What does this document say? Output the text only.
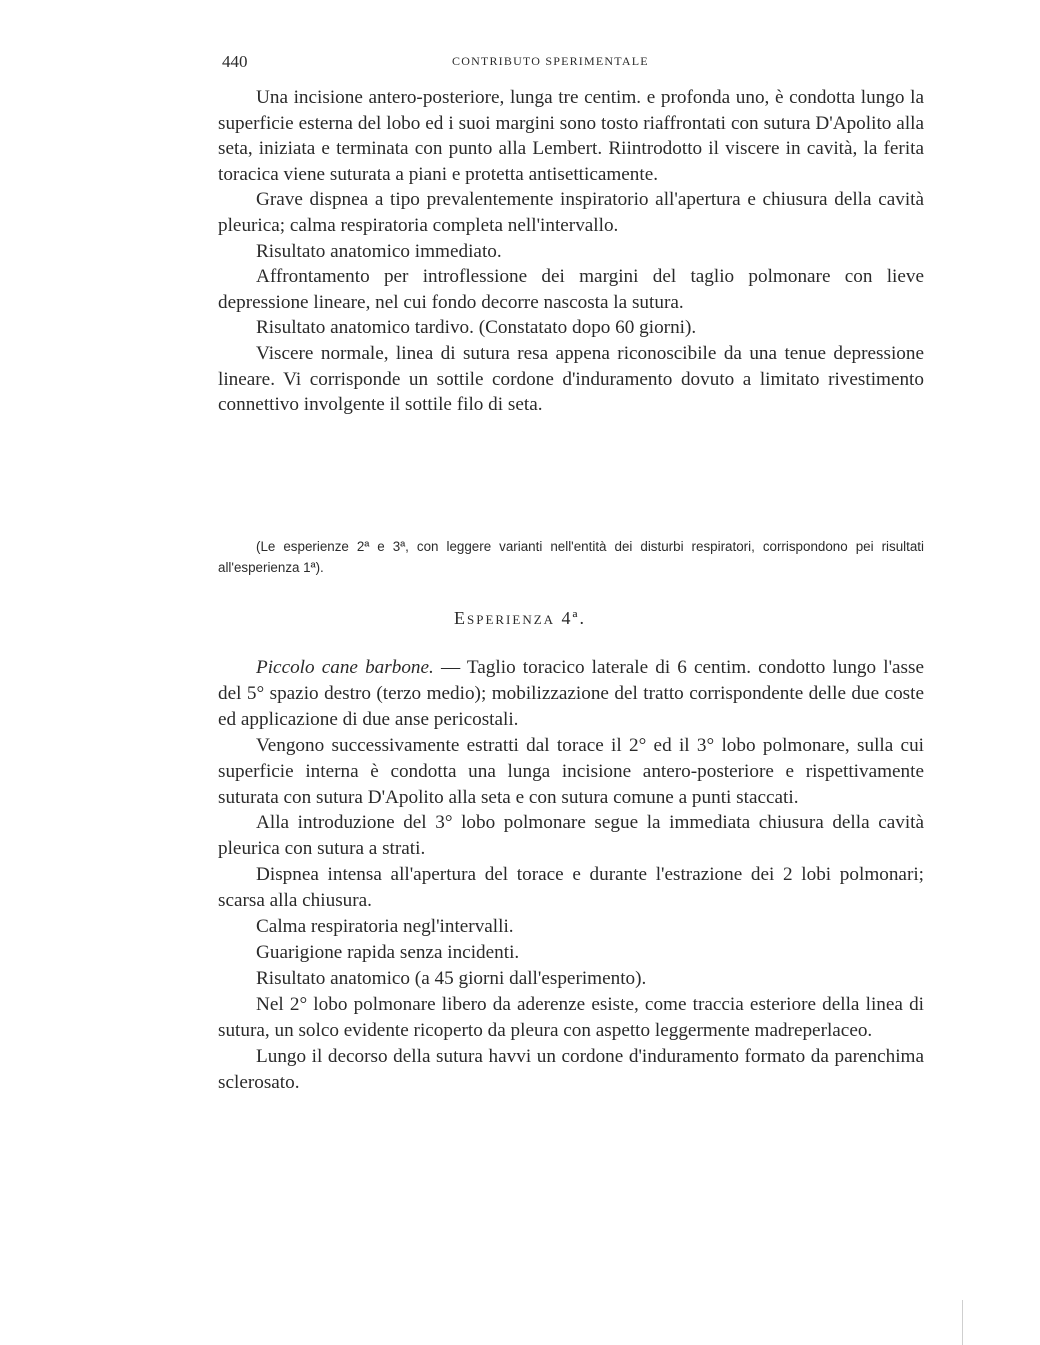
440	CONTRIBUTO SPERIMENTALE

Una incisione antero-posteriore, lunga tre centim. e profonda uno, è condotta lungo la superficie esterna del lobo ed i suoi margini sono tosto riaffrontati con sutura D'Apolito alla seta, iniziata e terminata con punto alla Lembert. Riintrodotto il viscere in cavità, la ferita toracica viene suturata a piani e protetta antisetticamente.

Grave dispnea a tipo prevalentemente inspiratorio all'apertura e chiusura della cavità pleurica; calma respiratoria completa nell'intervallo.

Risultato anatomico immediato.

Affrontamento per introflessione dei margini del taglio polmonare con lieve depressione lineare, nel cui fondo decorre nascosta la sutura.

Risultato anatomico tardivo. (Constatato dopo 60 giorni).

Viscere normale, linea di sutura resa appena riconoscibile da una tenue depressione lineare. Vi corrisponde un sottile cordone d'induramento dovuto a limitato rivestimento connettivo involgente il sottile filo di seta.

(Le esperienze 2ª e 3ª, con leggere varianti nell'entità dei disturbi respiratori, corrispondono pei risultati all'esperienza 1ª).
Esperienza 4ª.

Piccolo cane barbone. — Taglio toracico laterale di 6 centim. condotto lungo l'asse del 5° spazio destro (terzo medio); mobilizzazione del tratto corrispondente delle due coste ed applicazione di due anse pericostali.

Vengono successivamente estratti dal torace il 2° ed il 3° lobo polmonare, sulla cui superficie interna è condotta una lunga incisione antero-posteriore e rispettivamente suturata con sutura D'Apolito alla seta e con sutura comune a punti staccati.

Alla introduzione del 3° lobo polmonare segue la immediata chiusura della cavità pleurica con sutura a strati.

Dispnea intensa all'apertura del torace e durante l'estrazione dei 2 lobi polmonari; scarsa alla chiusura.

Calma respiratoria negl'intervalli.

Guarigione rapida senza incidenti.

Risultato anatomico (a 45 giorni dall'esperimento).

Nel 2° lobo polmonare libero da aderenze esiste, come traccia esteriore della linea di sutura, un solco evidente ricoperto da pleura con aspetto leggermente madreperlaceo.

Lungo il decorso della sutura havvi un cordone d'induramento formato da parenchima sclerosato.
